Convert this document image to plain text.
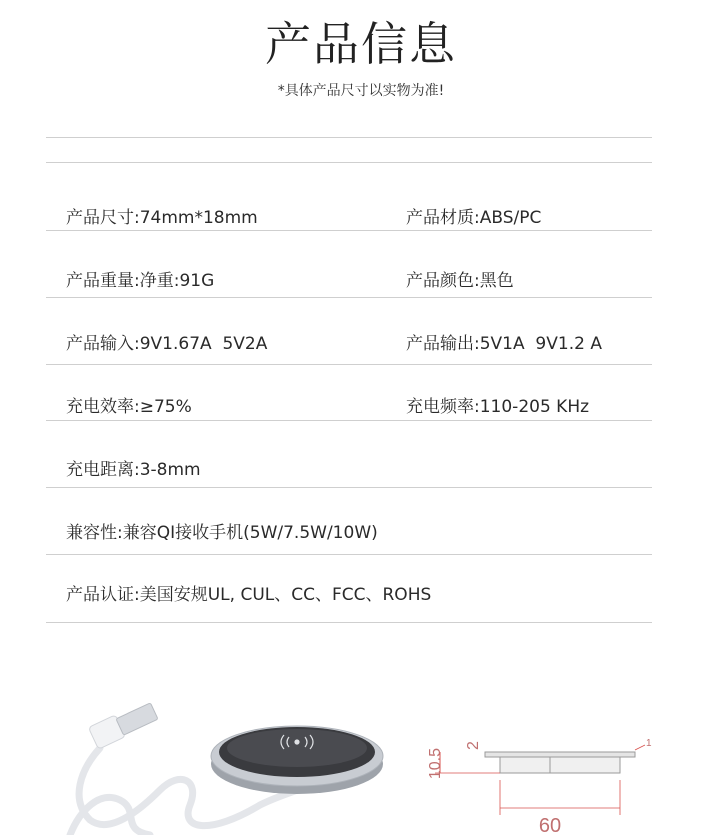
产品信息
*具体产品尺寸以实物为准!
产品尺寸:74mm*18mm	产品材质:ABS/PC
产品重量:净重:91G	产品颜色:黑色
产品输入:9V1.67A  5V2A	产品输出:5V1A  9V1.2 A
充电效率:≥75%	充电频率:110-205 KHz
充电距离:3-8mm
兼容性:兼容QI接收手机(5W/7.5W/10W)
产品认证:美国安规UL, CUL、CC、FCC、ROHS
10.5
2
60
1
